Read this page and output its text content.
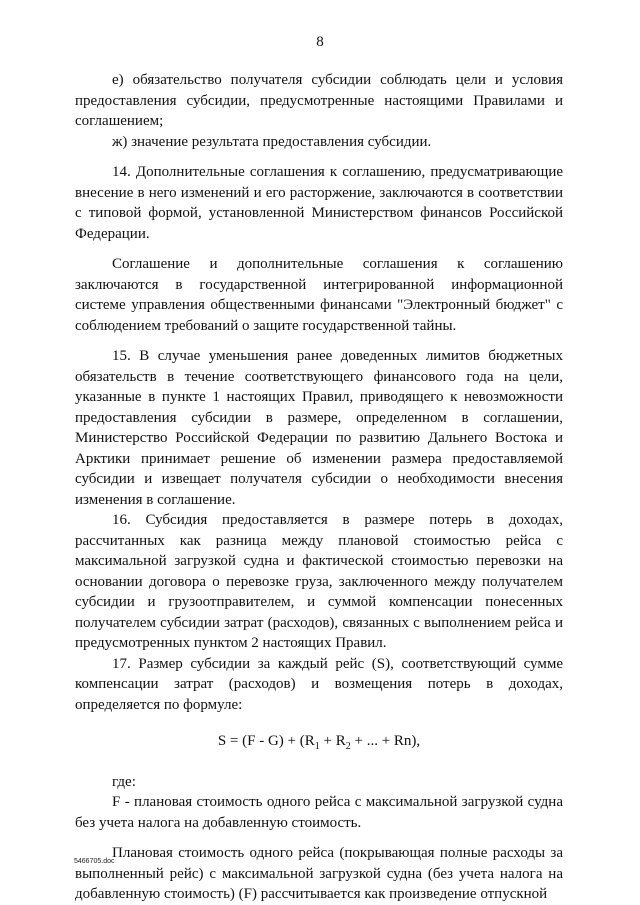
8

е) обязательство получателя субсидии соблюдать цели и условия предоставления субсидии, предусмотренные настоящими Правилами и соглашением;

ж) значение результата предоставления субсидии.

14. Дополнительные соглашения к соглашению, предусматривающие внесение в него изменений и его расторжение, заключаются в соответствии с типовой формой, установленной Министерством финансов Российской Федерации.

Соглашение и дополнительные соглашения к соглашению заключаются в государственной интегрированной информационной системе управления общественными финансами "Электронный бюджет" с соблюдением требований о защите государственной тайны.

15. В случае уменьшения ранее доведенных лимитов бюджетных обязательств в течение соответствующего финансового года на цели, указанные в пункте 1 настоящих Правил, приводящего к невозможности предоставления субсидии в размере, определенном в соглашении, Министерство Российской Федерации по развитию Дальнего Востока и Арктики принимает решение об изменении размера предоставляемой субсидии и извещает получателя субсидии о необходимости внесения изменения в соглашение.

16. Субсидия предоставляется в размере потерь в доходах, рассчитанных как разница между плановой стоимостью рейса с максимальной загрузкой судна и фактической стоимостью перевозки на основании договора о перевозке груза, заключенного между получателем субсидии и грузоотправителем, и суммой компенсации понесенных получателем субсидии затрат (расходов), связанных с выполнением рейса и предусмотренных пунктом 2 настоящих Правил.

17. Размер субсидии за каждый рейс (S), соответствующий сумме компенсации затрат (расходов) и возмещения потерь в доходах, определяется по формуле:

$S = (F - G) + (R_1 + R_2$ + ... + Rn),

где:

F - плановая стоимость одного рейса с максимальной загрузкой судна без учета налога на добавленную стоимость.

Плановая стоимость одного рейса (покрывающая полные расходы за выполненный рейс) с максимальной загрузкой судна (без учета налога на добавленную стоимость) (F) рассчитывается как произведение отпускной

5466705.doc
